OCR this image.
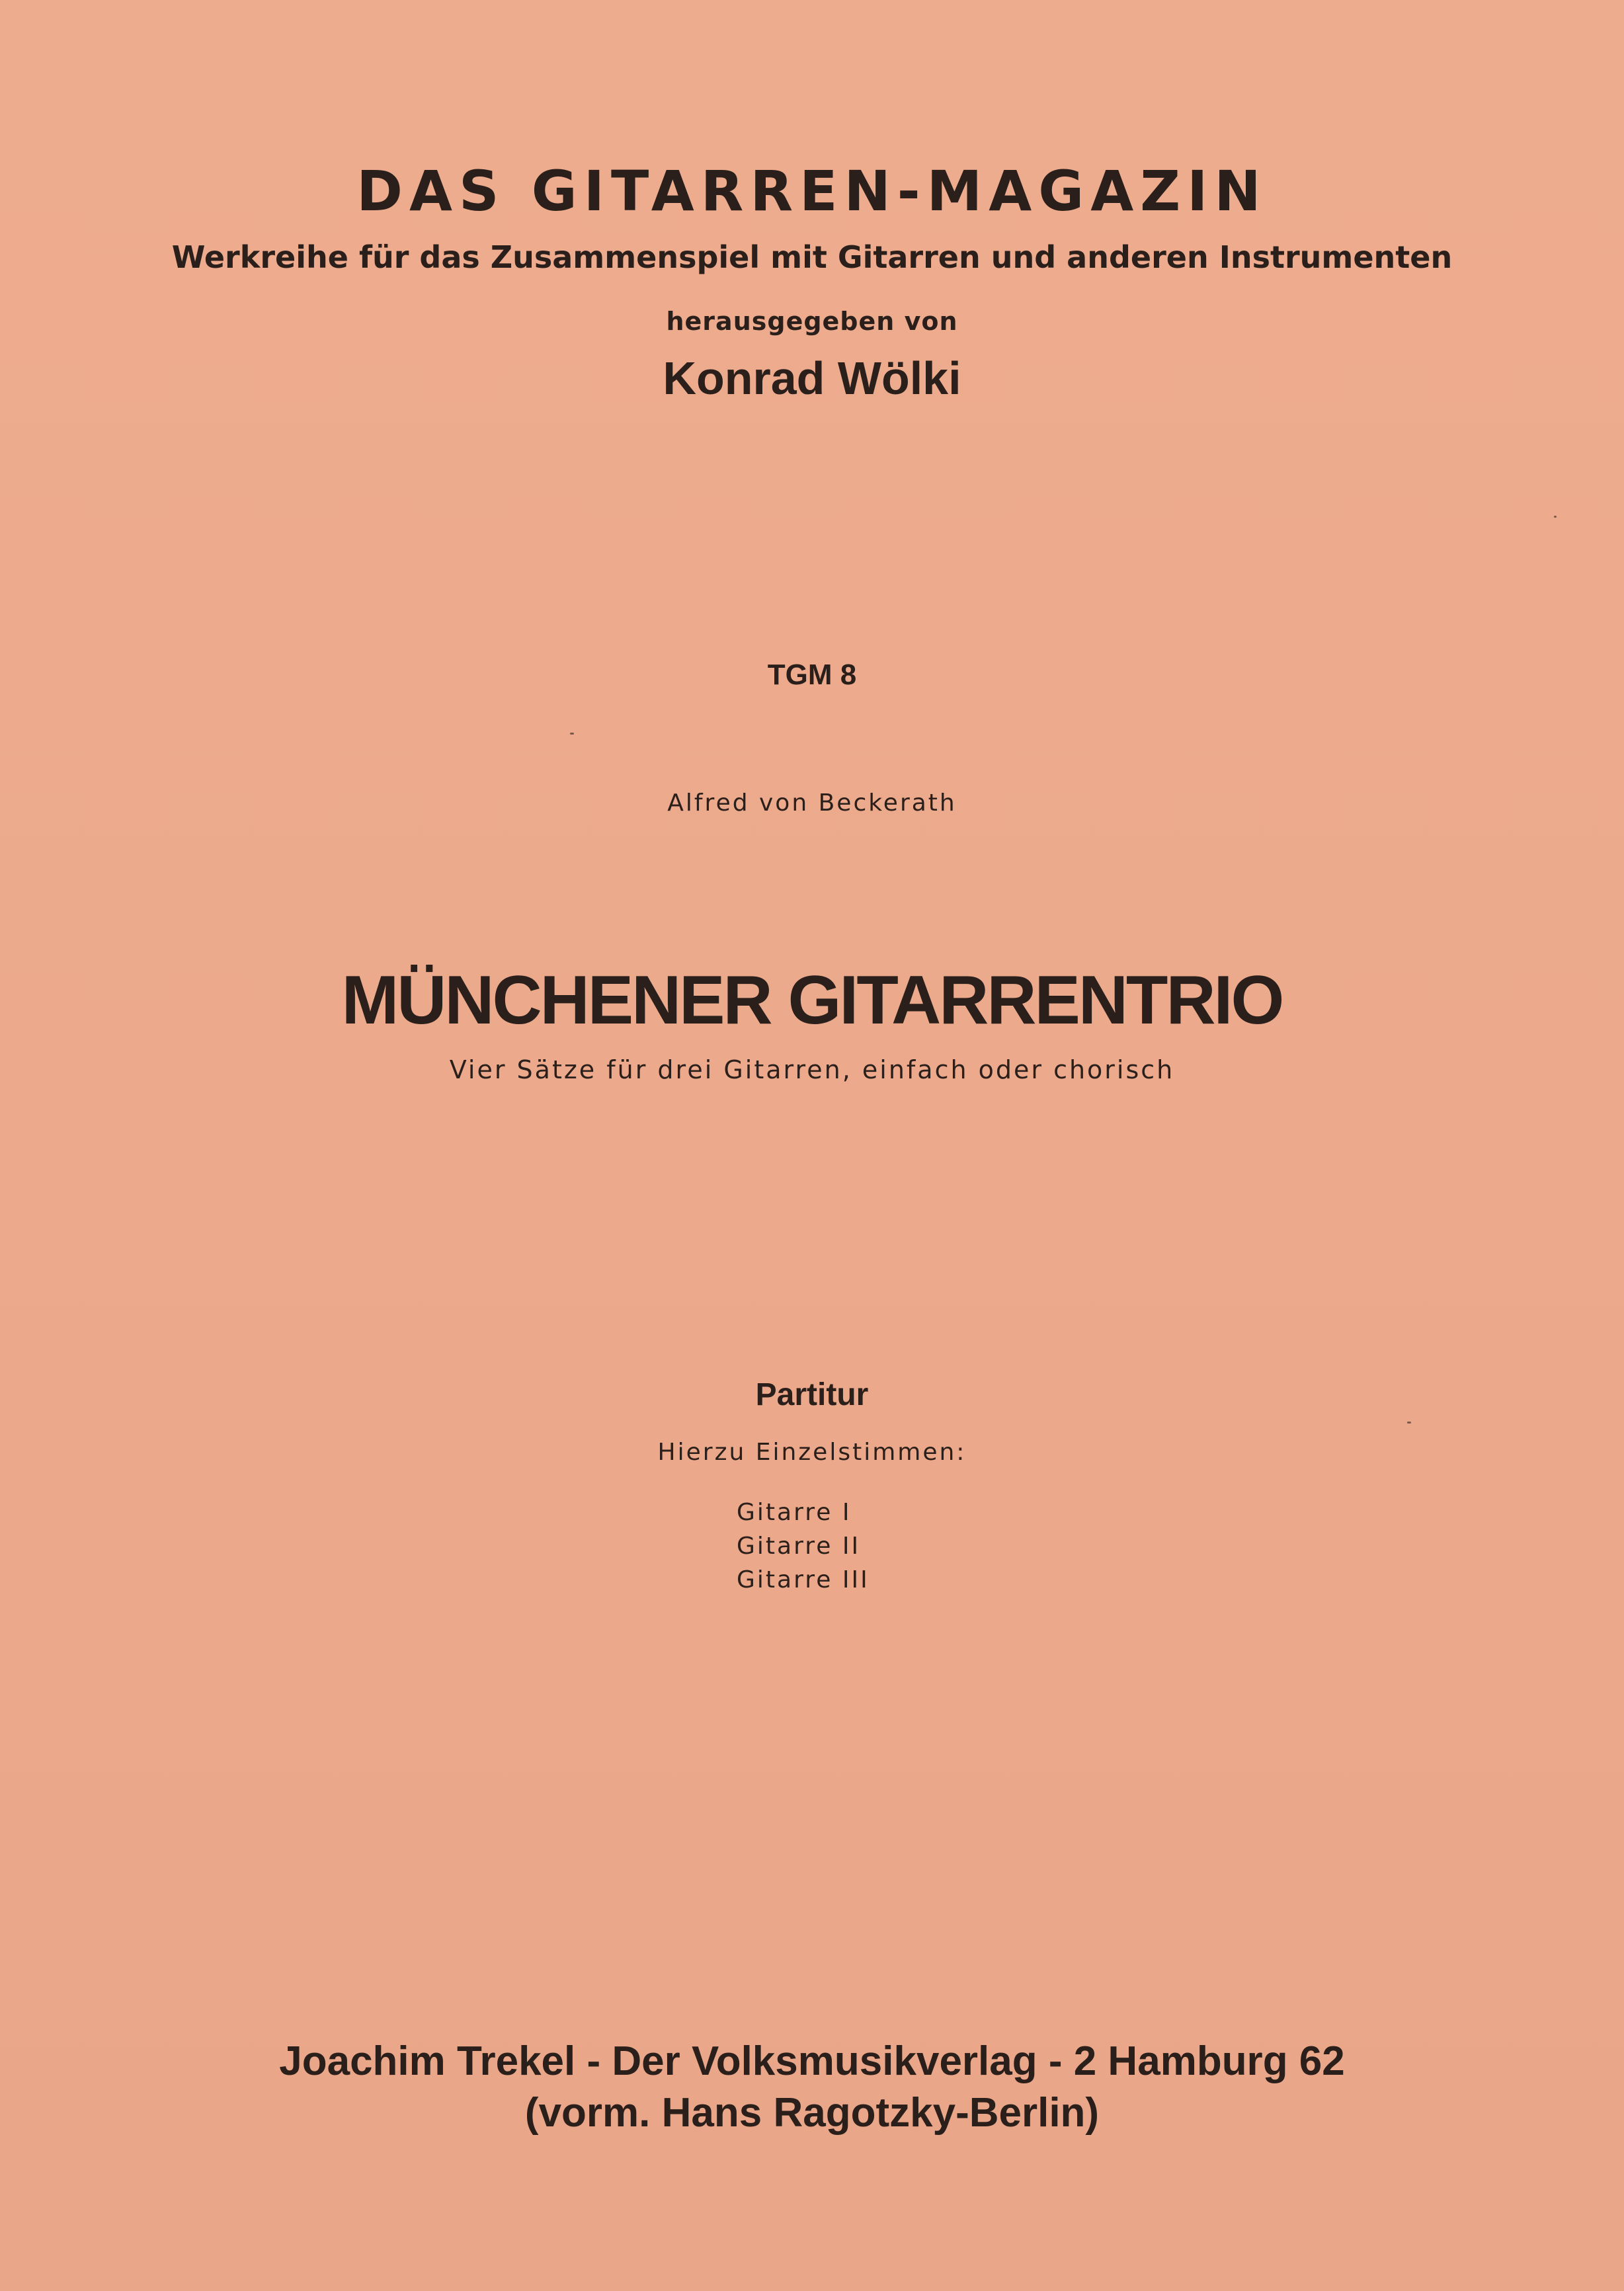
DAS GITARREN-MAGAZIN
Werkreihe für das Zusammenspiel mit Gitarren und anderen Instrumenten
herausgegeben von
Konrad Wölki
TGM 8
Alfred von Beckerath
MÜNCHENER GITARRENTRIO
Vier Sätze für drei Gitarren, einfach oder chorisch
Partitur
Hierzu Einzelstimmen:
Gitarre I
Gitarre II
Gitarre III
Joachim Trekel - Der Volksmusikverlag - 2 Hamburg 62
(vorm. Hans Ragotzky-Berlin)
